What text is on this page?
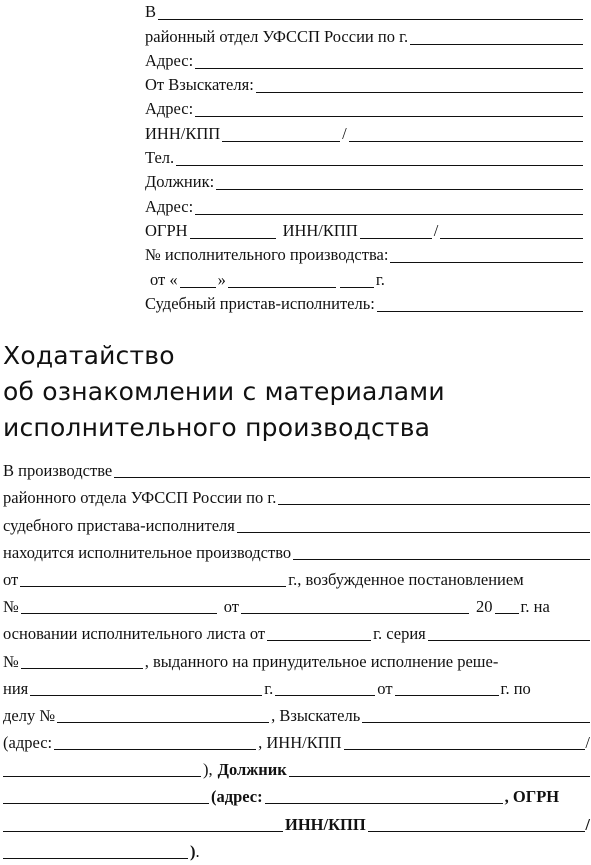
В
районный отдел УФССП России по г.
Адрес:
От Взыскателя:
Адрес:
ИНН/КПП	/
Тел.
Должник:
Адрес:
ОГРН	ИНН/КПП	/
№ исполнительного производства:
от « »	г.
Судебный пристав-исполнитель:
Ходатайство
об ознакомлении с материалами
исполнительного производства
В производстве
районного отдела УФССП России по г.
судебного пристава-исполнителя
находится исполнительное производство
от	г., возбужденное постановлением
№	от	20 г. на
основании исполнительного листа от	г. серия
№	, выданного на принудительное исполнение реше-
ния	г.	от	г. по
делу №	, Взыскатель
(адрес:	, ИНН/КПП	/
), Должник
(адрес:	, ОГРН
ИНН/КПП	/
) .
